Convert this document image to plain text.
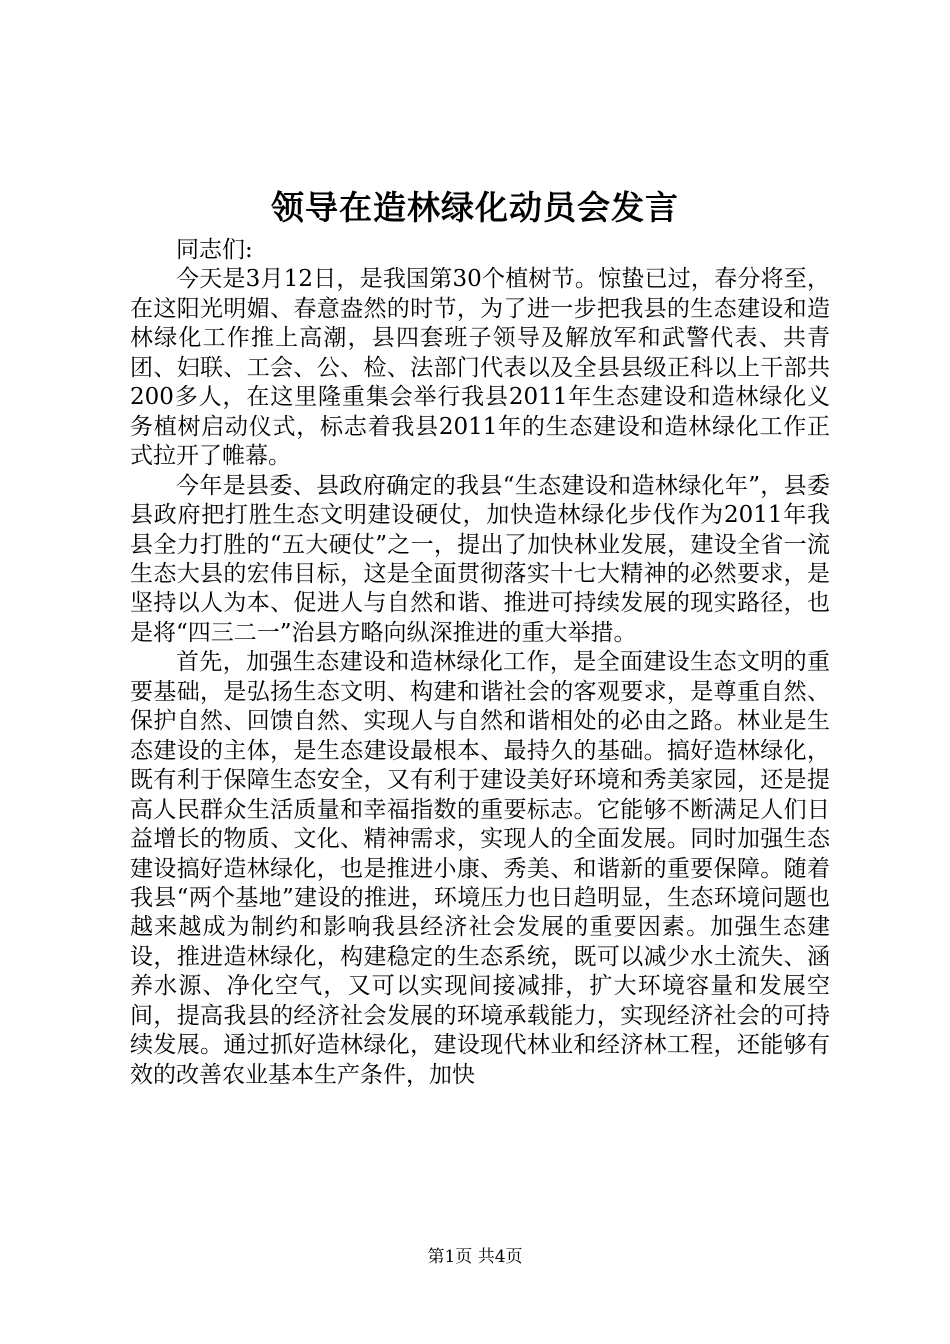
领导在造林绿化动员会发言

同志们:

今天是3月12日，是我国第30个植树节。惊蛰已过，春分将至，在这阳光明媚、春意盎然的时节，为了进一步把我县的生态建设和造林绿化工作推上高潮，县四套班子领导及解放军和武警代表、共青团、妇联、工会、公、检、法部门代表以及全县县级正科以上干部共200多人，在这里隆重集会举行我县2011年生态建设和造林绿化义务植树启动仪式，标志着我县2011年的生态建设和造林绿化工作正式拉开了帷幕。

今年是县委、县政府确定的我县“生态建设和造林绿化年”，县委县政府把打胜生态文明建设硬仗，加快造林绿化步伐作为2011年我县全力打胜的“五大硬仗”之一，提出了加快林业发展，建设全省一流生态大县的宏伟目标，这是全面贯彻落实十七大精神的必然要求，是坚持以人为本、促进人与自然和谐、推进可持续发展的现实路径，也是将“四三二一”治县方略向纵深推进的重大举措。

首先，加强生态建设和造林绿化工作，是全面建设生态文明的重要基础，是弘扬生态文明、构建和谐社会的客观要求，是尊重自然、保护自然、回馈自然、实现人与自然和谐相处的必由之路。林业是生态建设的主体，是生态建设最根本、最持久的基础。搞好造林绿化，既有利于保障生态安全，又有利于建设美好环境和秀美家园，还是提高人民群众生活质量和幸福指数的重要标志。它能够不断满足人们日益增长的物质、文化、精神需求，实现人的全面发展。同时加强生态建设搞好造林绿化，也是推进小康、秀美、和谐新的重要保障。随着我县“两个基地”建设的推进，环境压力也日趋明显，生态环境问题也越来越成为制约和影响我县经济社会发展的重要因素。加强生态建设，推进造林绿化，构建稳定的生态系统，既可以减少水土流失、涵养水源、净化空气，又可以实现间接减排，扩大环境容量和发展空间，提高我县的经济社会发展的环境承载能力，实现经济社会的可持续发展。通过抓好造林绿化，建设现代林业和经济林工程，还能够有效的改善农业基本生产条件，加快

第1页 共4页
